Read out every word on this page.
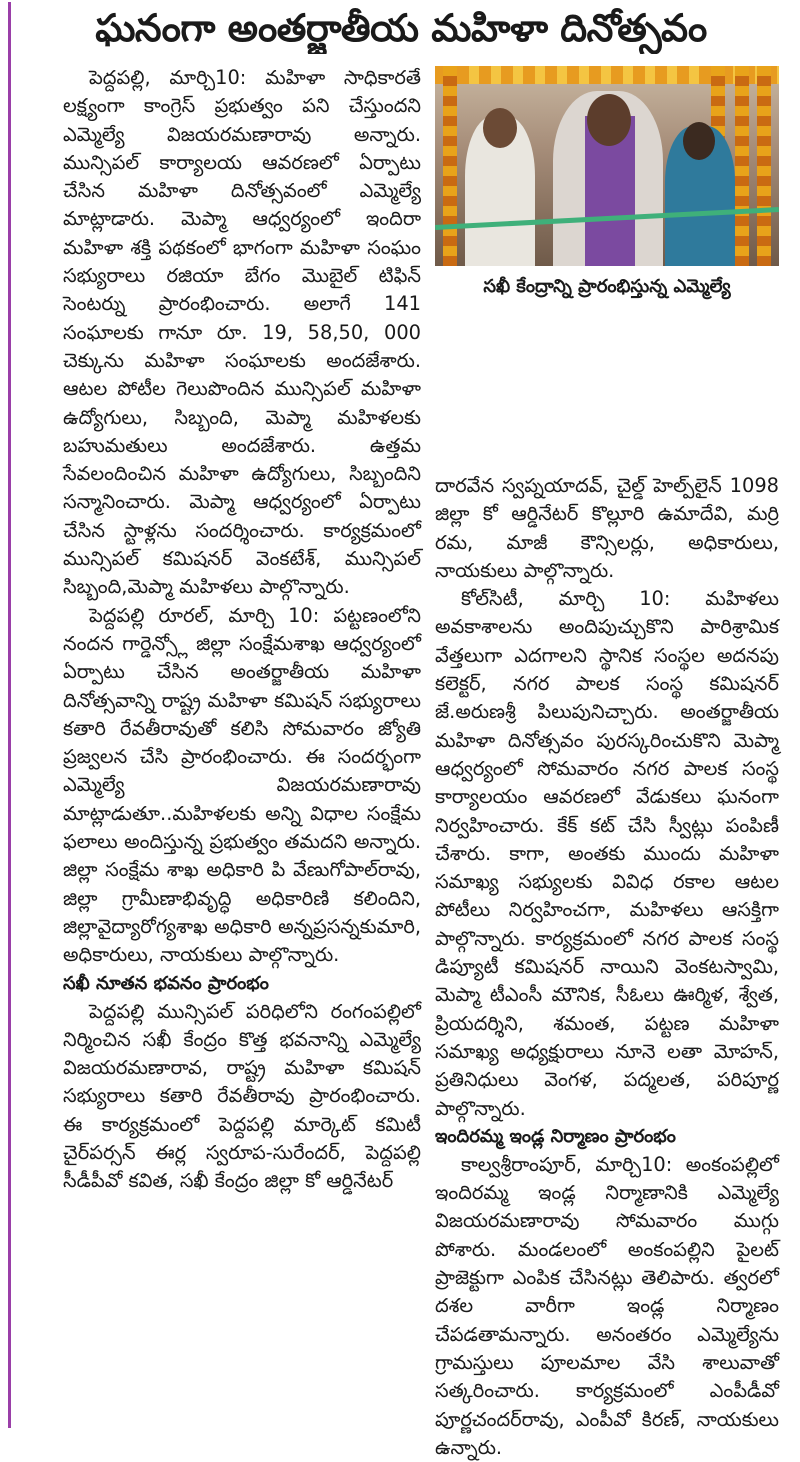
ఘనంగా అంతర్జాతీయ మహిళా దినోత్సవం

పెద్దపల్లి, మార్చి10: మహిళా సాధికారతే లక్ష్యంగా కాంగ్రెస్ ప్రభుత్వం పని చేస్తుందని ఎమ్మెల్యే విజయరమణారావు అన్నారు. మున్సిపల్ కార్యాలయ ఆవరణలో ఏర్పాటు చేసిన మహిళా దినోత్సవంలో ఎమ్మెల్యే మాట్లాడారు. మెప్మా ఆధ్వర్యంలో ఇందిరా మహిళా శక్తి పథకంలో భాగంగా మహిళా సంఘం సభ్యురాలు రజియా బేగం మొబైల్ టిఫిన్ సెంటర్ను ప్రారంభించారు. అలాగే 141 సంఘాలకు గానూ రూ. 19, 58,50, 000 చెక్కును మహిళా సంఘాలకు అందజేశారు. ఆటల పోటీల గెలుపొందిన మున్సిపల్ మహిళా ఉద్యోగులు, సిబ్బంది, మెప్మా మహిళలకు బహుమతులు అందజేశారు. ఉత్తమ సేవలందించిన మహిళా ఉద్యోగులు, సిబ్బందిని సన్మానించారు. మెప్మా ఆధ్వర్యంలో ఏర్పాటు చేసిన స్టాళ్లను సందర్శించారు. కార్యక్రమంలో మున్సిపల్ కమిషనర్ వెంకటేశ్, మున్సిపల్ సిబ్బంది,మెప్మా మహిళలు పాల్గొన్నారు.

పెద్దపల్లి రూరల్, మార్చి 10: పట్టణంలోని నందన గార్డెన్స్లో జిల్లా సంక్షేమశాఖ ఆధ్వర్యంలో ఏర్పాటు చేసిన అంతర్జాతీయ మహిళా దినోత్సవాన్ని రాష్ట్ర మహిళా కమిషన్ సభ్యురాలు కతారి రేవతీరావుతో కలిసి సోమవారం జ్యోతి ప్రజ్వలన చేసి ప్రారంభించారు. ఈ సందర్భంగా ఎమ్మెల్యే విజయరమణారావు మాట్లాడుతూ..మహిళలకు అన్ని విధాల సంక్షేమ ఫలాలు అందిస్తున్న ప్రభుత్వం తమదని అన్నారు. జిల్లా సంక్షేమ శాఖ అధికారి పి వేణుగోపాల్‌రావు, జిల్లా గ్రామీణాభివృద్ధి అధికారిణి కలిందిని, జిల్లావైద్యారోగ్యశాఖ అధికారి అన్నప్రసన్నకుమారి, అధికారులు, నాయకులు పాల్గొన్నారు.

సఖీ నూతన భవనం ప్రారంభం

పెద్దపల్లి మున్సిపల్ పరిధిలోని రంగంపల్లిలో నిర్మించిన సఖీ కేంద్రం కొత్త భవనాన్ని ఎమ్మెల్యే విజయరమణారావ, రాష్ట్ర మహిళా కమిషన్ సభ్యురాలు కతారి రేవతీరావు ప్రారంభించారు. ఈ కార్యక్రమంలో పెద్దపల్లి మార్కెట్ కమిటీ చైర్‌పర్సన్ ఈర్ల స్వరూప-సురేందర్, పెద్దపల్లి సీడీపీవో కవిత, సఖీ కేంద్రం జిల్లా కో ఆర్డినేటర్

సఖీ కేంద్రాన్ని ప్రారంభిస్తున్న ఎమ్మెల్యే

దారవేన స్వప్నయాదవ్, చైల్డ్ హెల్ప్‌లైన్ 1098 జిల్లా కో ఆర్డినేటర్ కొల్లూరి ఉమాదేవి, మర్రి రమ, మాజీ కౌన్సిలర్లు, అధికారులు, నాయకులు పాల్గొన్నారు.

కోల్‌సిటీ, మార్చి 10: మహిళలు అవకాశాలను అందిపుచ్చుకొని పారిశ్రామిక వేత్తలుగా ఎదగాలని స్థానిక సంస్థల అదనపు కలెక్టర్, నగర పాలక సంస్థ కమిషనర్ జే.అరుణశ్రీ పిలుపునిచ్చారు. అంతర్జాతీయ మహిళా దినోత్సవం పురస్కరించుకొని మెప్మా ఆధ్వర్యంలో సోమవారం నగర పాలక సంస్థ కార్యాలయం ఆవరణలో వేడుకలు ఘనంగా నిర్వహించారు. కేక్ కట్ చేసి స్వీట్లు పంపిణీ చేశారు. కాగా, అంతకు ముందు మహిళా సమాఖ్య సభ్యులకు వివిధ రకాల ఆటల పోటీలు నిర్వహించగా, మహిళలు ఆసక్తిగా పాల్గొన్నారు. కార్యక్రమంలో నగర పాలక సంస్థ డిప్యూటీ కమిషనర్ నాయిని వెంకటస్వామి, మెప్మా టీఎంసీ మౌనిక, సీఓలు ఊర్మిళ, శ్వేత, ప్రియదర్శిని, శమంత, పట్టణ మహిళా సమాఖ్య అధ్యక్షురాలు నూనె లతా మోహన్, ప్రతినిధులు వెంగళ, పద్మలత, పరిపూర్ణ పాల్గొన్నారు.

ఇందిరమ్మ ఇండ్ల నిర్మాణం ప్రారంభం

కాల్వశ్రీరాంపూర్, మార్చి10: అంకంపల్లిలో ఇందిరమ్మ ఇండ్ల నిర్మాణానికి ఎమ్మెల్యే విజయరమణారావు సోమవారం ముగ్గు పోశారు. మండలంలో అంకంపల్లిని పైలట్ ప్రాజెక్టుగా ఎంపిక చేసినట్లు తెలిపారు. త్వరలో దశల వారీగా ఇండ్ల నిర్మాణం చేపడతామన్నారు. అనంతరం ఎమ్మెల్యేను గ్రామస్తులు పూలమాల వేసి శాలువాతో సత్కరించారు. కార్యక్రమంలో ఎంపీడీవో పూర్ణచందర్‌రావు, ఎంపీవో కిరణ్, నాయకులు ఉన్నారు.
